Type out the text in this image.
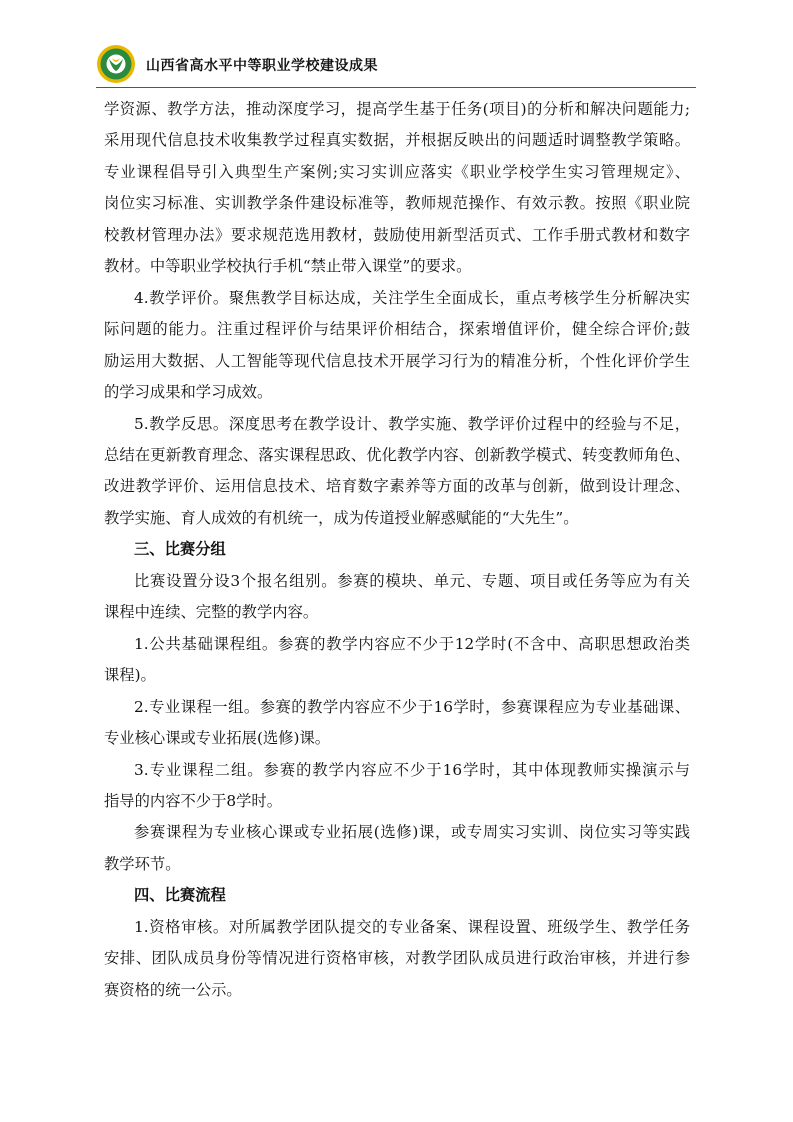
山西省高水平中等职业学校建设成果

学资源、教学方法，推动深度学习，提高学生基于任务(项目)的分析和解决问题能力;

采用现代信息技术收集教学过程真实数据，并根据反映出的问题适时调整教学策略。

专业课程倡导引入典型生产案例;实习实训应落实《职业学校学生实习管理规定》、

岗位实习标准、实训教学条件建设标准等，教师规范操作、有效示教。按照《职业院

校教材管理办法》要求规范选用教材，鼓励使用新型活页式、工作手册式教材和数字

教材。中等职业学校执行手机“禁止带入课堂”的要求。

4.教学评价。聚焦教学目标达成，关注学生全面成长，重点考核学生分析解决实

际问题的能力。注重过程评价与结果评价相结合，探索增值评价，健全综合评价;鼓

励运用大数据、人工智能等现代信息技术开展学习行为的精准分析，个性化评价学生

的学习成果和学习成效。

5.教学反思。深度思考在教学设计、教学实施、教学评价过程中的经验与不足，

总结在更新教育理念、落实课程思政、优化教学内容、创新教学模式、转变教师角色、

改进教学评价、运用信息技术、培育数字素养等方面的改革与创新，做到设计理念、

教学实施、育人成效的有机统一，成为传道授业解惑赋能的“大先生”。

三、比赛分组

比赛设置分设3个报名组别。参赛的模块、单元、专题、项目或任务等应为有关

课程中连续、完整的教学内容。

1.公共基础课程组。参赛的教学内容应不少于12学时(不含中、高职思想政治类

课程)。

2.专业课程一组。参赛的教学内容应不少于16学时，参赛课程应为专业基础课、

专业核心课或专业拓展(选修)课。

3.专业课程二组。参赛的教学内容应不少于16学时，其中体现教师实操演示与

指导的内容不少于8学时。

参赛课程为专业核心课或专业拓展(选修)课，或专周实习实训、岗位实习等实践

教学环节。

四、比赛流程

1.资格审核。对所属教学团队提交的专业备案、课程设置、班级学生、教学任务

安排、团队成员身份等情况进行资格审核，对教学团队成员进行政治审核，并进行参

赛资格的统一公示。
